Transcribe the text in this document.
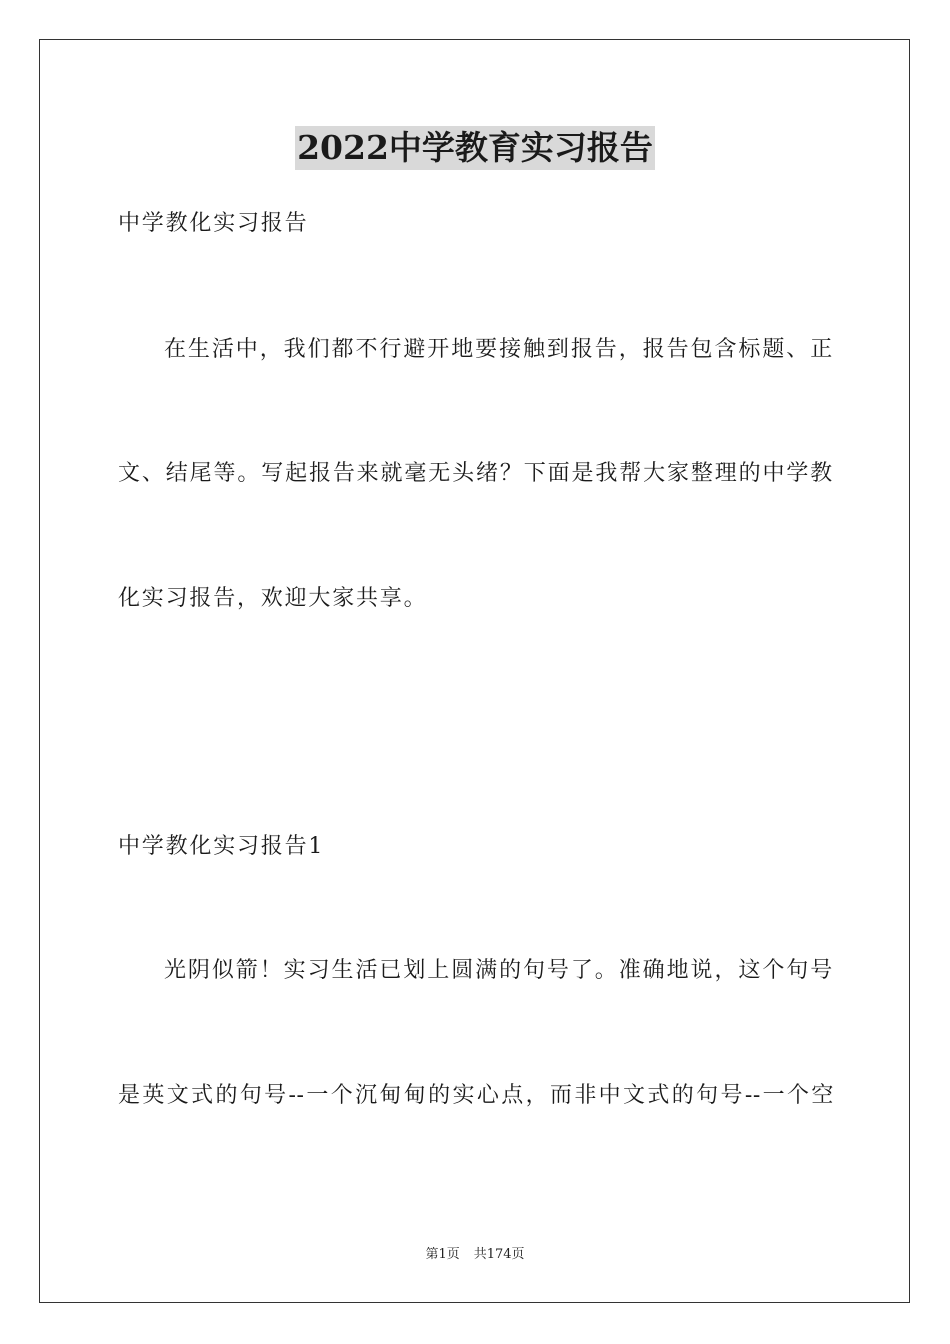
2022中学教育实习报告
中学教化实习报告
在生活中，我们都不行避开地要接触到报告，报告包含标题、正
文、结尾等。写起报告来就毫无头绪？下面是我帮大家整理的中学教
化实习报告，欢迎大家共享。
中学教化实习报告1
光阴似箭！实习生活已划上圆满的句号了。准确地说，这个句号
是英文式的句号--一个沉甸甸的实心点，而非中文式的句号--一个空
第1页 共174页
